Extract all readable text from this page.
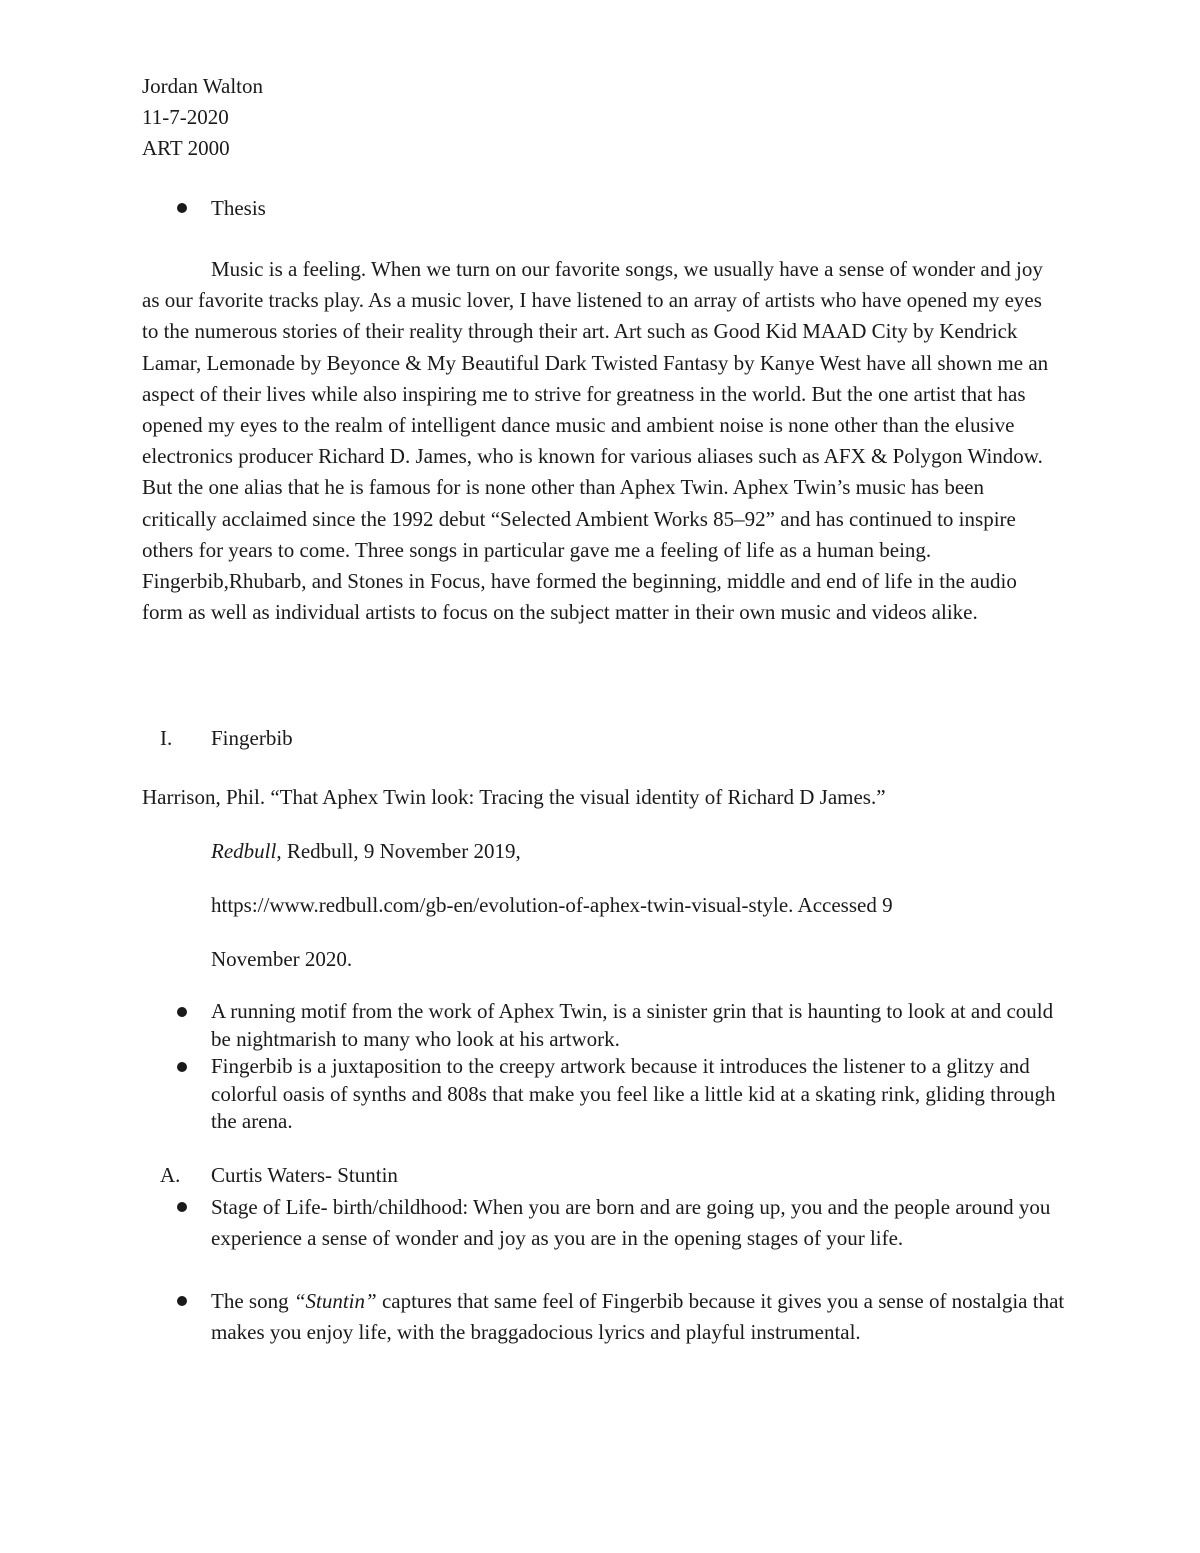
Jordan Walton
11-7-2020
ART 2000
Thesis

Music is a feeling. When we turn on our favorite songs, we usually have a sense of wonder and joy as our favorite tracks play. As a music lover, I have listened to an array of artists who have opened my eyes to the numerous stories of their reality through their art. Art such as Good Kid MAAD City by Kendrick Lamar, Lemonade by Beyonce & My Beautiful Dark Twisted Fantasy by Kanye West have all shown me an aspect of their lives while also inspiring me to strive for greatness in the world. But the one artist that has opened my eyes to the realm of intelligent dance music and ambient noise is none other than the elusive electronics producer Richard D. James, who is known for various aliases such as AFX & Polygon Window. But the one alias that he is famous for is none other than Aphex Twin. Aphex Twin’s music has been critically acclaimed since the 1992 debut “Selected Ambient Works 85–92” and has continued to inspire others for years to come. Three songs in particular gave me a feeling of life as a human being. Fingerbib,Rhubarb, and Stones in Focus, have formed the beginning, middle and end of life in the audio form as well as individual artists to focus on the subject matter in their own music and videos alike.

I. Fingerbib
Harrison, Phil. “That Aphex Twin look: Tracing the visual identity of Richard D James.”
Redbull, Redbull, 9 November 2019,
https://www.redbull.com/gb-en/evolution-of-aphex-twin-visual-style. Accessed 9
November 2020.

A running motif from the work of Aphex Twin, is a sinister grin that is haunting to look at and could be nightmarish to many who look at his artwork.

Fingerbib is a juxtaposition to the creepy artwork because it introduces the listener to a glitzy and colorful oasis of synths and 808s that make you feel like a little kid at a skating rink, gliding through the arena.

A. Curtis Waters- Stuntin

Stage of Life- birth/childhood: When you are born and are going up, you and the people around you experience a sense of wonder and joy as you are in the opening stages of your life.

The song “Stuntin” captures that same feel of Fingerbib because it gives you a sense of nostalgia that makes you enjoy life, with the braggadocious lyrics and playful instrumental.
